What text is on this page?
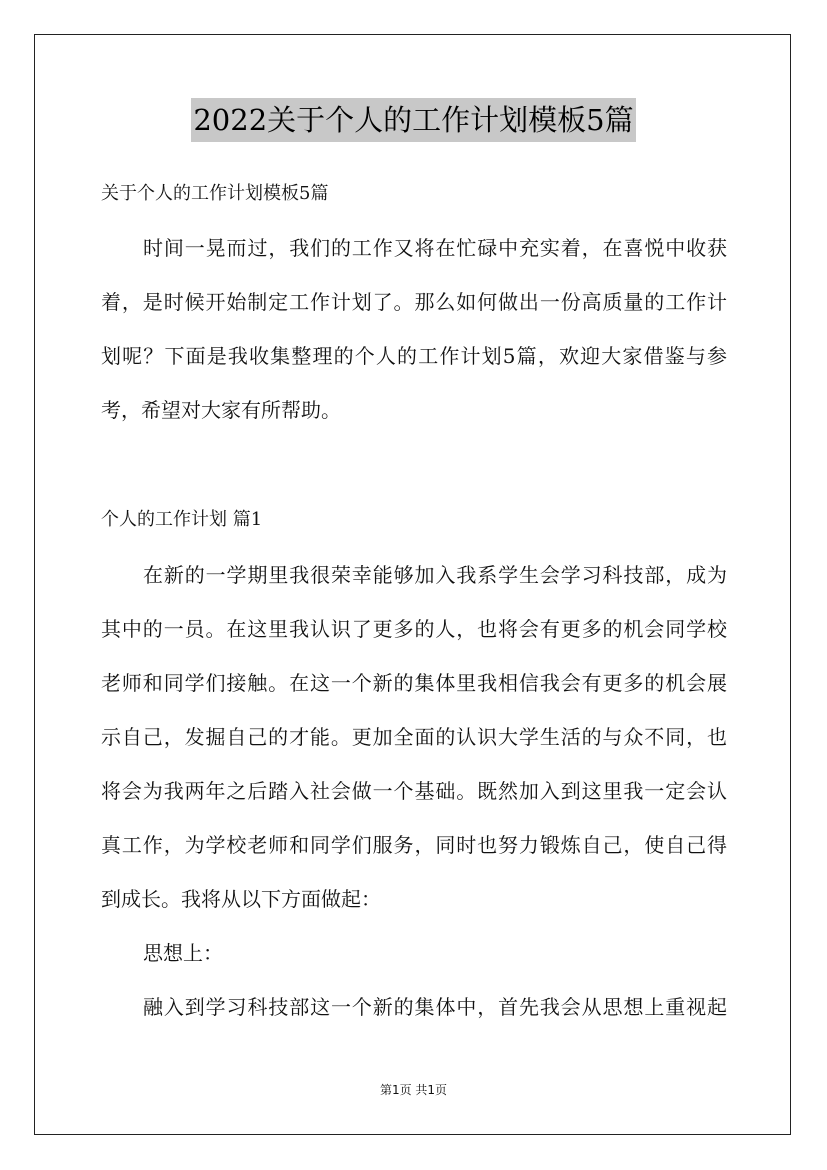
2022关于个人的工作计划模板5篇
关于个人的工作计划模板5篇
时间一晃而过，我们的工作又将在忙碌中充实着，在喜悦中收获
着，是时候开始制定工作计划了。那么如何做出一份高质量的工作计
划呢？下面是我收集整理的个人的工作计划5篇，欢迎大家借鉴与参
考，希望对大家有所帮助。
个人的工作计划 篇1
在新的一学期里我很荣幸能够加入我系学生会学习科技部，成为
其中的一员。在这里我认识了更多的人，也将会有更多的机会同学校
老师和同学们接触。在这一个新的集体里我相信我会有更多的机会展
示自己，发掘自己的才能。更加全面的认识大学生活的与众不同，也
将会为我两年之后踏入社会做一个基础。既然加入到这里我一定会认
真工作，为学校老师和同学们服务，同时也努力锻炼自己，使自己得
到成长。我将从以下方面做起：
思想上：
融入到学习科技部这一个新的集体中，首先我会从思想上重视起
第1页 共1页
